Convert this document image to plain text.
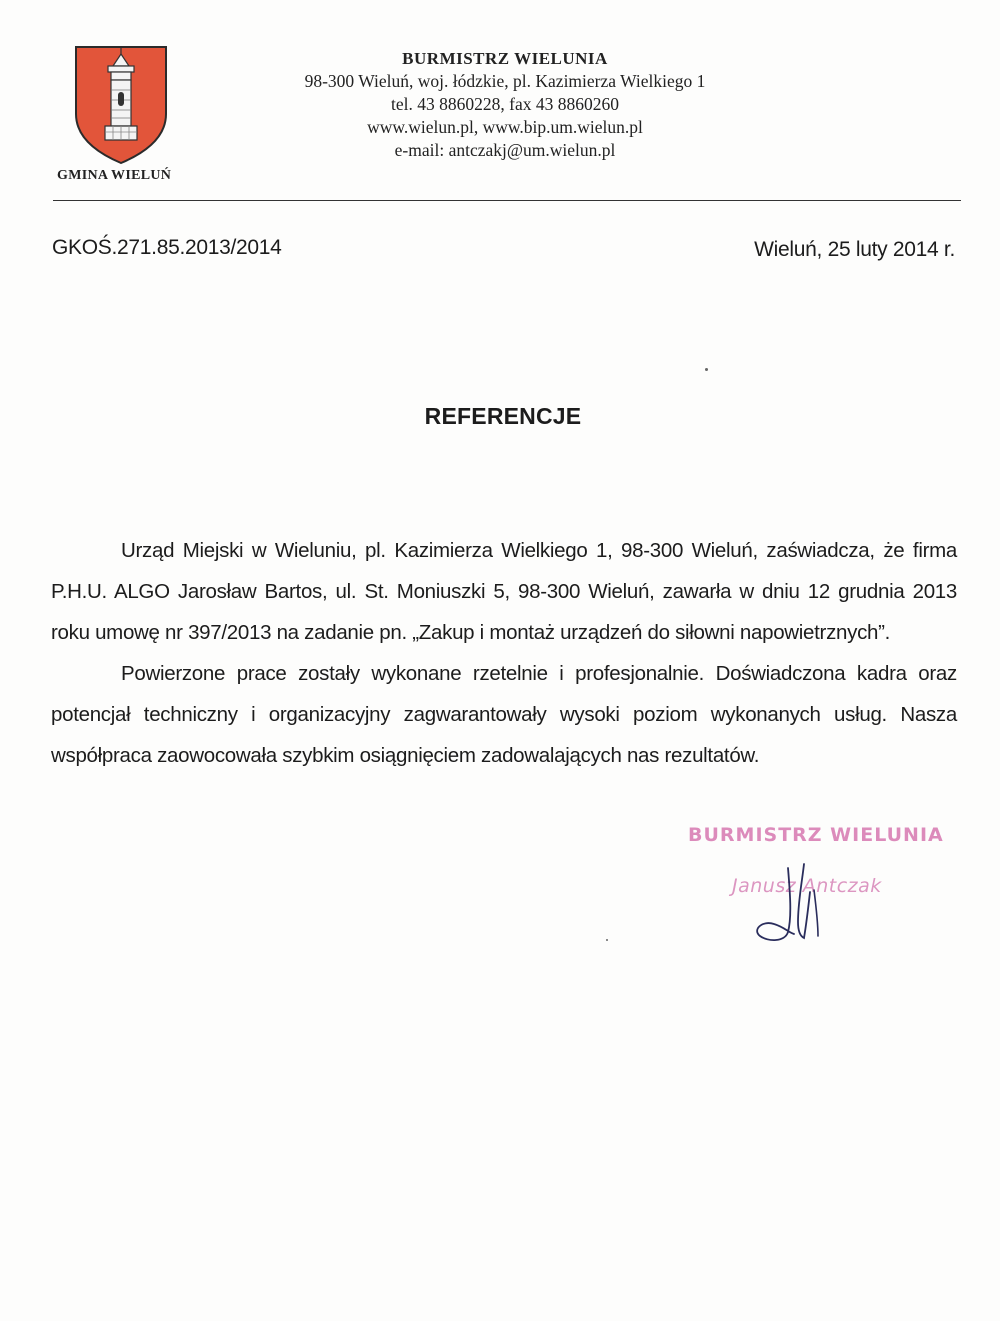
GMINA WIELUŃ
BURMISTRZ WIELUNIA
98-300 Wieluń, woj. łódzkie, pl. Kazimierza Wielkiego 1
tel. 43 8860228, fax 43 8860260
www.wielun.pl, www.bip.um.wielun.pl
e-mail: antczakj@um.wielun.pl
GKOŚ.271.85.2013/2014	Wieluń, 25 luty 2014 r.
REFERENCJE

Urząd Miejski w Wieluniu, pl. Kazimierza Wielkiego 1, 98-300 Wieluń, zaświadcza, że firma P.H.U. ALGO Jarosław Bartos, ul. St. Moniuszki 5, 98-300 Wieluń, zawarła w dniu 12 grudnia 2013 roku umowę nr 397/2013 na zadanie pn. „Zakup i montaż urządzeń do siłowni napowietrznych”.

Powierzone prace zostały wykonane rzetelnie i profesjonalnie. Doświadczona kadra oraz potencjał techniczny i organizacyjny zagwarantowały wysoki poziom wykonanych usług. Nasza współpraca zaowocowała szybkim osiągnięciem zadowalających nas rezultatów.

BURMISTRZ WIELUNIA
Janusz Antczak
